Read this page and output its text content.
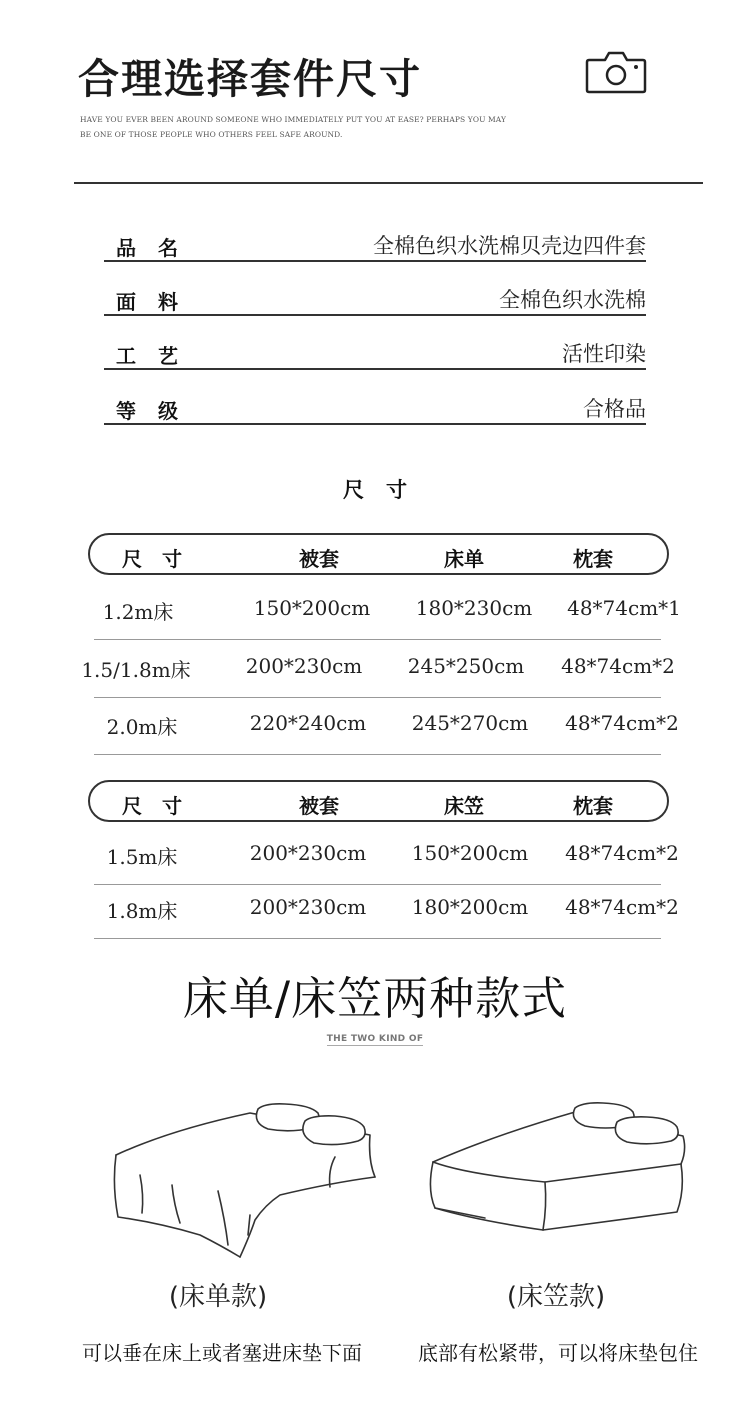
合理选择套件尺寸
HAVE YOU EVER BEEN AROUND SOMEONE WHO IMMEDIATELY PUT YOU AT EASE? PERHAPS YOU MAY
BE ONE OF THOSE PEOPLE WHO OTHERS FEEL SAFE AROUND.
品名	全棉色织水洗棉贝壳边四件套
面料	全棉色织水洗棉
工艺	活性印染
等级	合格品
尺寸
尺寸	被套	床单	枕套
1.2m床	150*200cm 180*230cm 48*74cm*1
1.5/1.8m床	200*230cm 245*250cm 48*74cm*2
2.0m床	220*240cm 245*270cm 48*74cm*2
尺寸	被套	床笠	枕套
1.5m床	200*230cm 150*200cm 48*74cm*2
1.8m床	200*230cm 180*200cm 48*74cm*2
床单/床笠两种款式
THE TWO KIND OF
(床单款)	(床笠款)
可以垂在床上或者塞进床垫下面	底部有松紧带，可以将床垫包住
